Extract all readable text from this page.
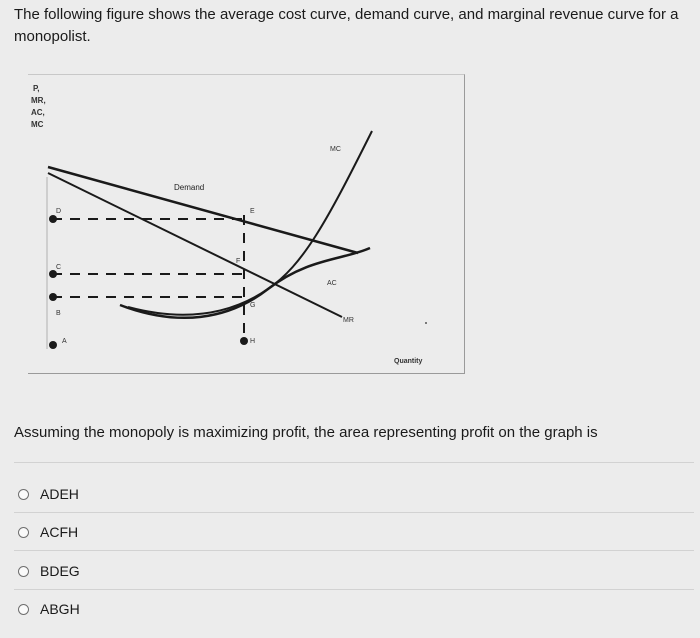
The following figure shows the average cost curve, demand curve, and marginal revenue curve for a monopolist.

P, MR, AC, MC
Demand
MR
AC
MC
D
C
B
A
E
F
G
H
Quantity

Assuming the monopoly is maximizing profit, the area representing profit on the graph is

ADEH
ACFH
BDEG
ABGH
